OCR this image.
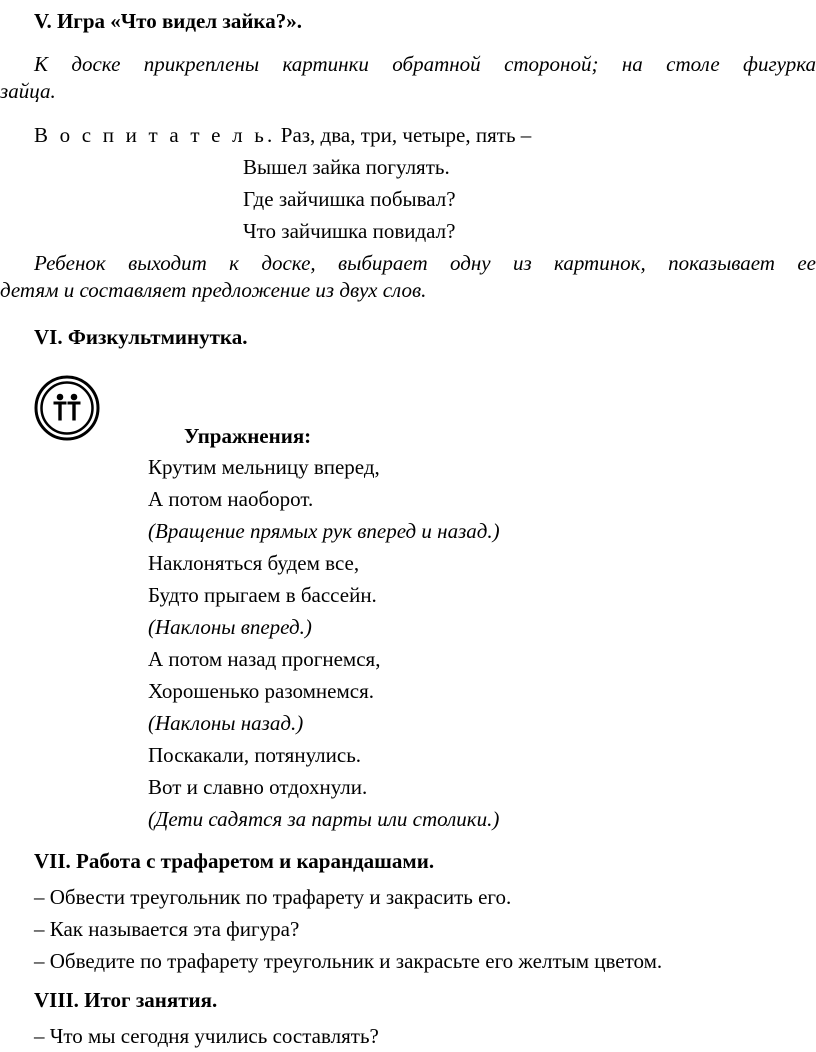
V. Игра «Что видел зайка?».
К доске прикреплены картинки обратной стороной; на столе фигурка
зайца.
В о с п и т а т е л ь. Раз, два, три, четыре, пять –
Вышел зайка погулять.
Где зайчишка побывал?
Что зайчишка повидал?
Ребенок выходит к доске, выбирает одну из картинок, показывает ее
детям и составляет предложение из двух слов.
VI. Физкультминутка.
Упражнения:
Крутим мельницу вперед,
А потом наоборот.
(Вращение прямых рук вперед и назад.)
Наклоняться будем все,
Будто прыгаем в бассейн.
(Наклоны вперед.)
А потом назад прогнемся,
Хорошенько разомнемся.
(Наклоны назад.)
Поскакали, потянулись.
Вот и славно отдохнули.
(Дети садятся за парты или столики.)
VII. Работа с трафаретом и карандашами.
– Обвести треугольник по трафарету и закрасить его.
– Как называется эта фигура?
– Обведите по трафарету треугольник и закрасьте его желтым цветом.
VIII. Итог занятия.
– Что мы сегодня учились составлять?
